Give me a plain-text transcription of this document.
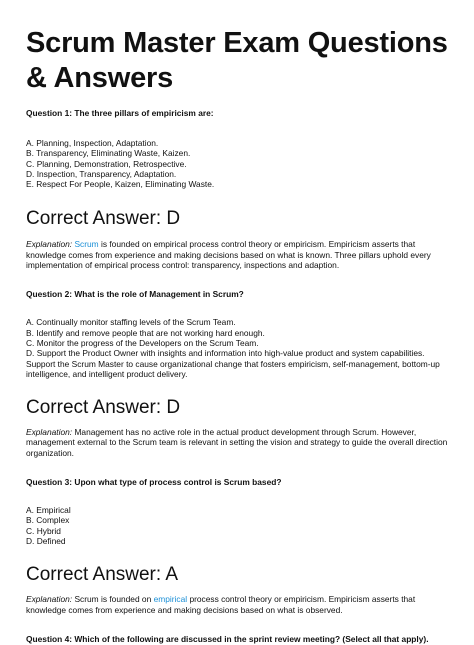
Scrum Master Exam Questions
& Answers

Question 1: The three pillars of empiricism are:

A. Planning, Inspection, Adaptation.
B. Transparency, Eliminating Waste, Kaizen.
C. Planning, Demonstration, Retrospective.
D. Inspection, Transparency, Adaptation.
E. Respect For People, Kaizen, Eliminating Waste.

Correct Answer: D

Explanation: Scrum is founded on empirical process control theory or empiricism. Empiricism asserts that knowledge comes from experience and making decisions based on what is known. Three pillars uphold every implementation of empirical process control: transparency, inspections and adaption.

Question 2: What is the role of Management in Scrum?

A. Continually monitor staffing levels of the Scrum Team.
B. Identify and remove people that are not working hard enough.
C. Monitor the progress of the Developers on the Scrum Team.
D. Support the Product Owner with insights and information into high-value product and system capabilities. Support the Scrum Master to cause organizational change that fosters empiricism, self-management, bottom-up intelligence, and intelligent product delivery.

Correct Answer: D

Explanation: Management has no active role in the actual product development through Scrum. However, management external to the Scrum team is relevant in setting the vision and strategy to guide the overall direction organization.

Question 3: Upon what type of process control is Scrum based?

A. Empirical
B. Complex
C. Hybrid
D. Defined

Correct Answer: A

Explanation: Scrum is founded on empirical process control theory or empiricism. Empiricism asserts that knowledge comes from experience and making decisions based on what is observed.

Question 4: Which of the following are discussed in the sprint review meeting? (Select all that apply).
